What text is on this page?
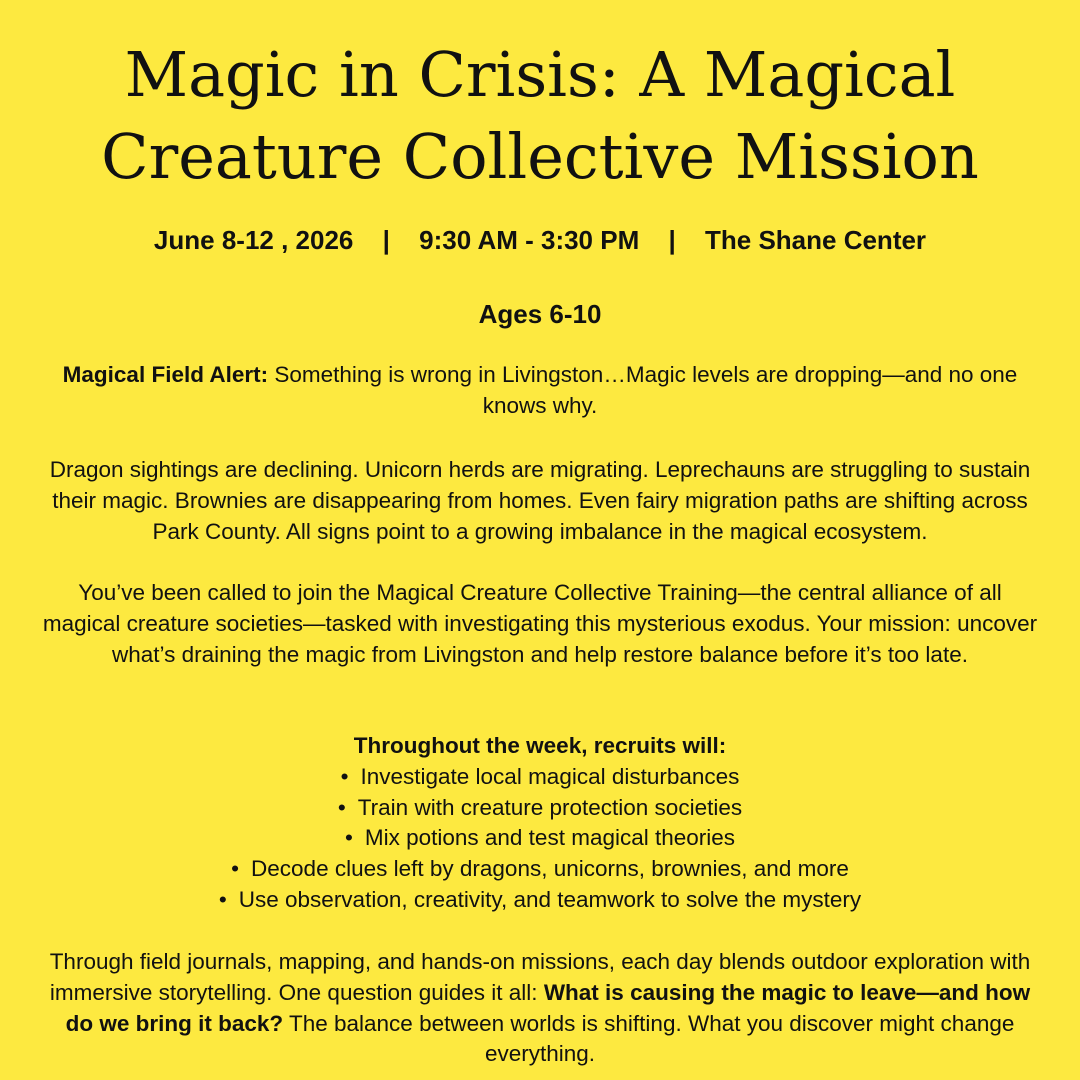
Magic in Crisis: A Magical Creature Collective Mission
June 8-12 , 2026 | 9:30 AM - 3:30 PM | The Shane Center
Ages 6-10
Magical Field Alert: Something is wrong in Livingston…Magic levels are dropping—and no one knows why.
Dragon sightings are declining. Unicorn herds are migrating. Leprechauns are struggling to sustain their magic. Brownies are disappearing from homes. Even fairy migration paths are shifting across Park County. All signs point to a growing imbalance in the magical ecosystem.
You’ve been called to join the Magical Creature Collective Training—the central alliance of all magical creature societies—tasked with investigating this mysterious exodus. Your mission: uncover what’s draining the magic from Livingston and help restore balance before it’s too late.
Throughout the week, recruits will:
• Investigate local magical disturbances
• Train with creature protection societies
• Mix potions and test magical theories
• Decode clues left by dragons, unicorns, brownies, and more
• Use observation, creativity, and teamwork to solve the mystery
Through field journals, mapping, and hands-on missions, each day blends outdoor exploration with immersive storytelling. One question guides it all: What is causing the magic to leave—and how do we bring it back? The balance between worlds is shifting. What you discover might change everything.
